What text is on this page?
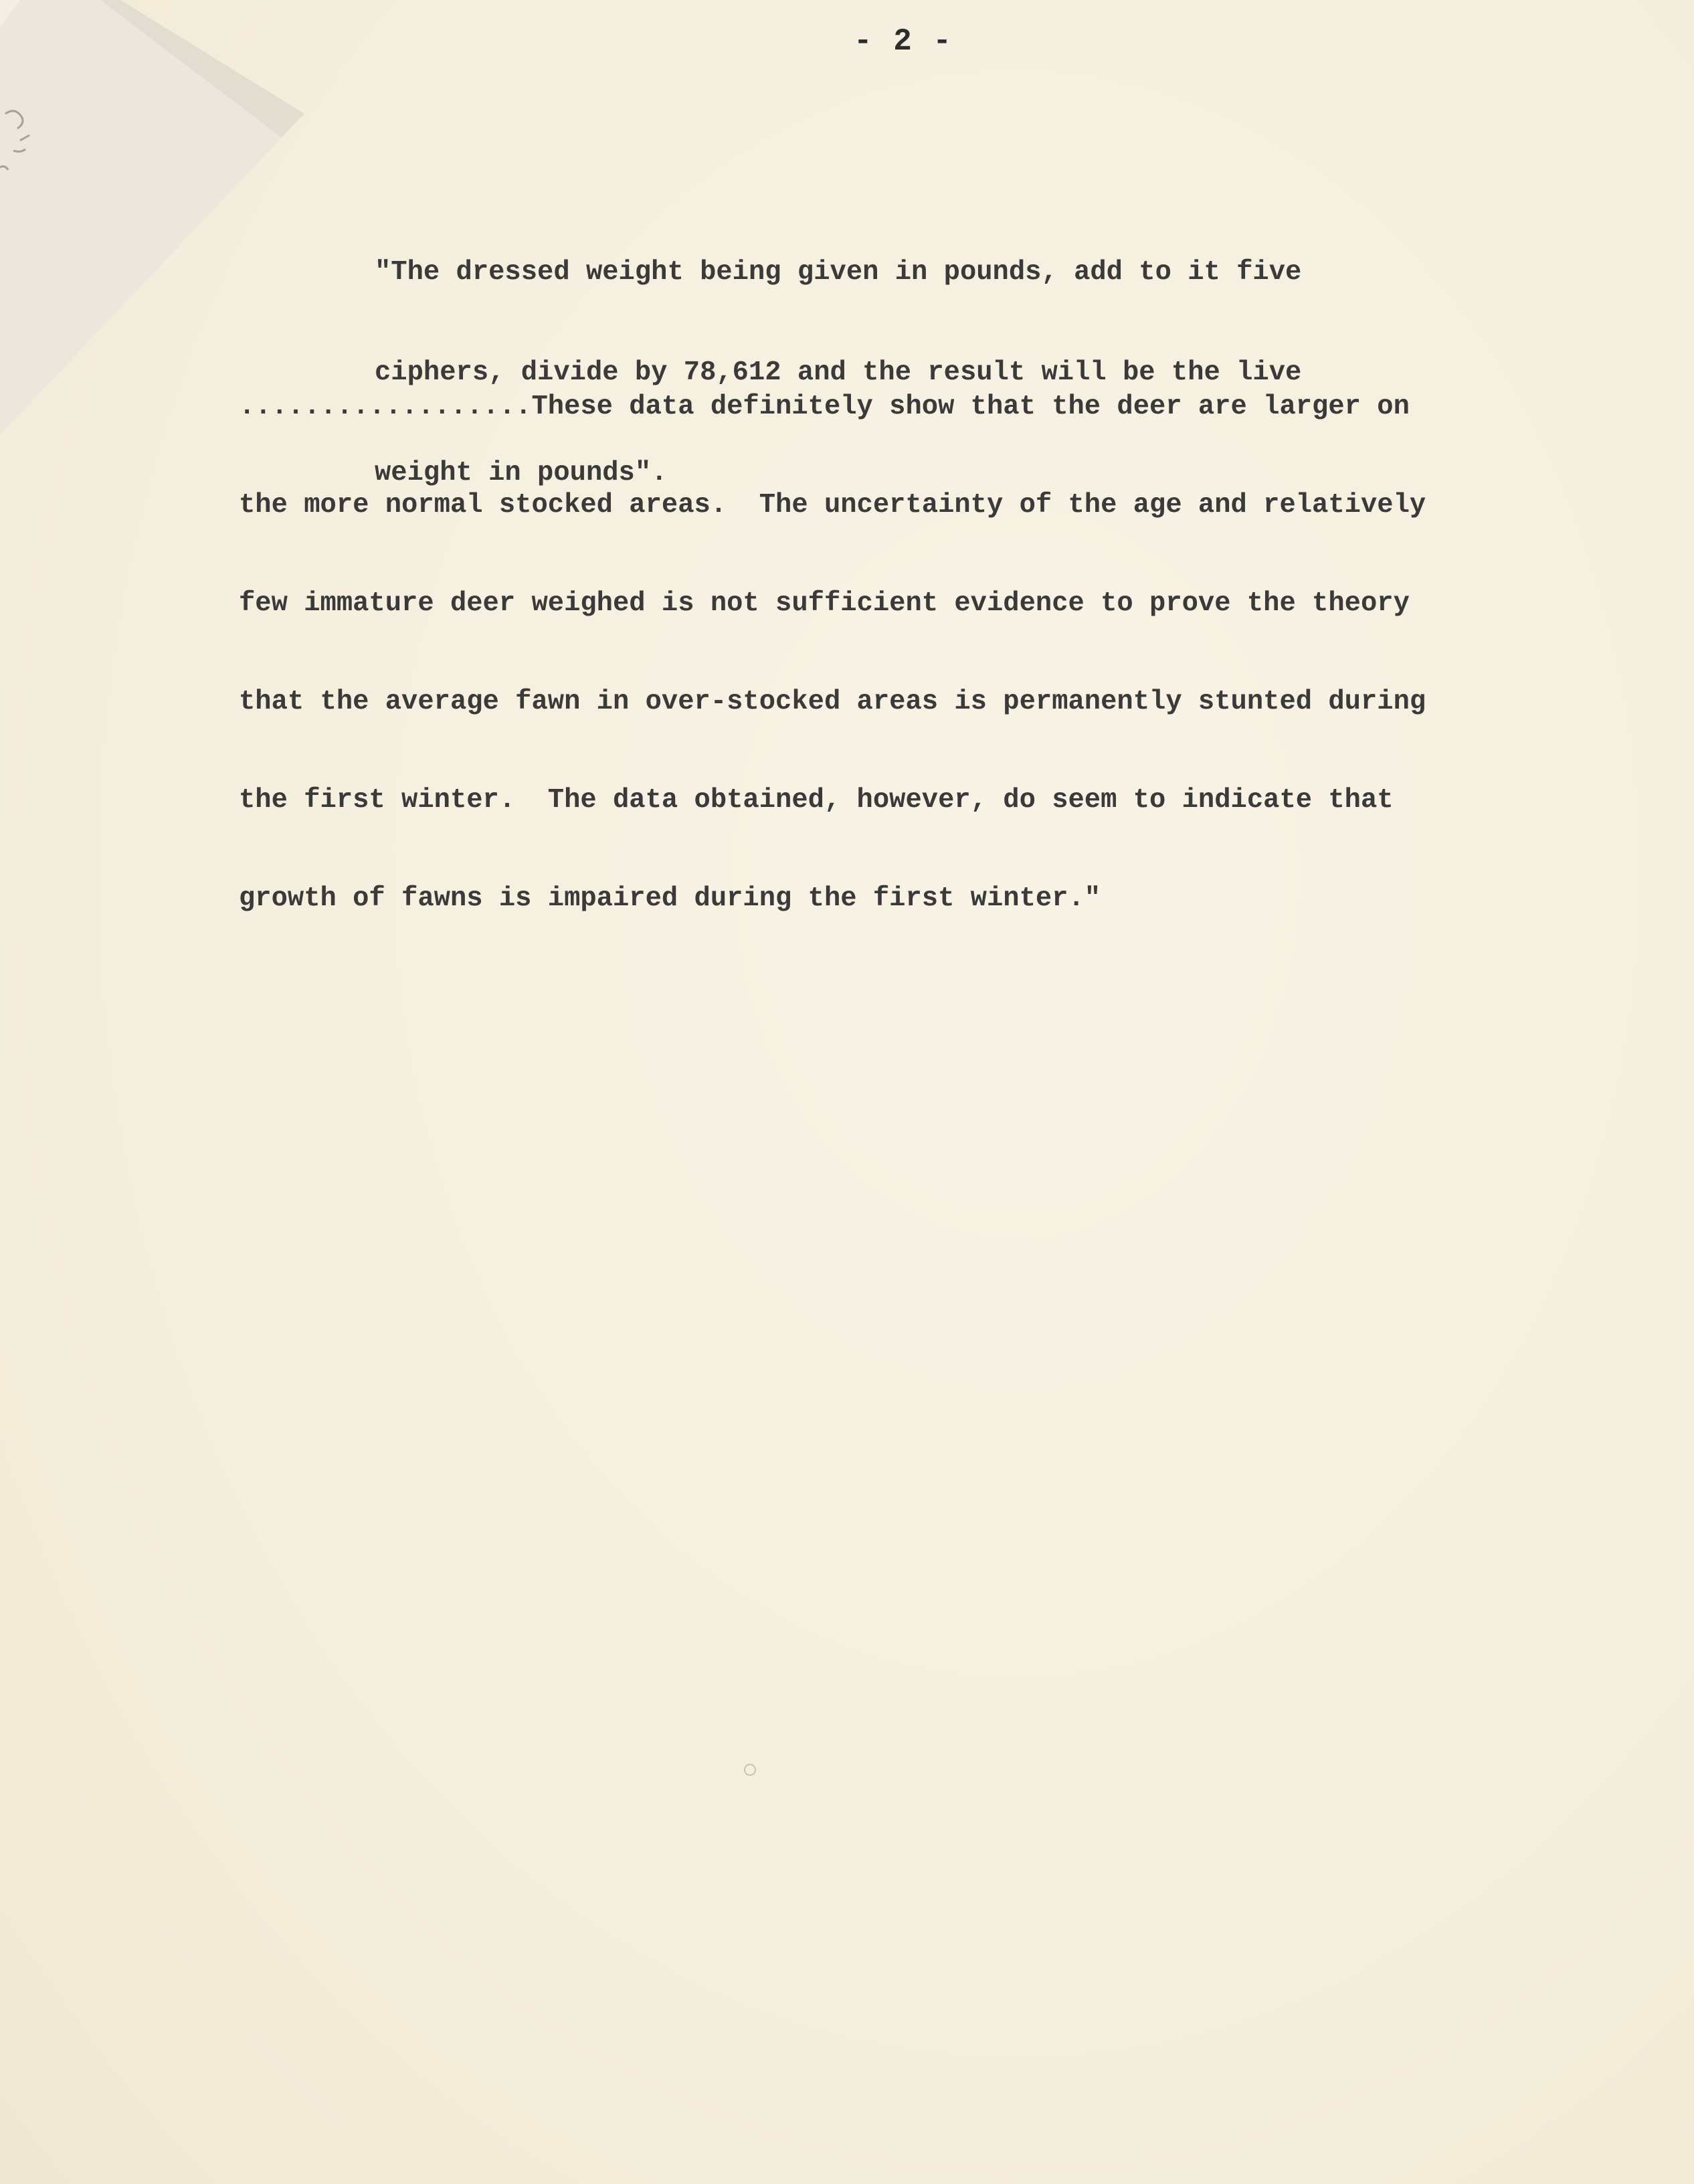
- 2 -

"The dressed weight being given in pounds, add to it five

ciphers, divide by 78,612 and the result will be the live

weight in pounds".

..................These data definitely show that the deer are larger on

the more normal stocked areas.  The uncertainty of the age and relatively

few immature deer weighed is not sufficient evidence to prove the theory

that the average fawn in over-stocked areas is permanently stunted during

the first winter.  The data obtained, however, do seem to indicate that

growth of fawns is impaired during the first winter."
